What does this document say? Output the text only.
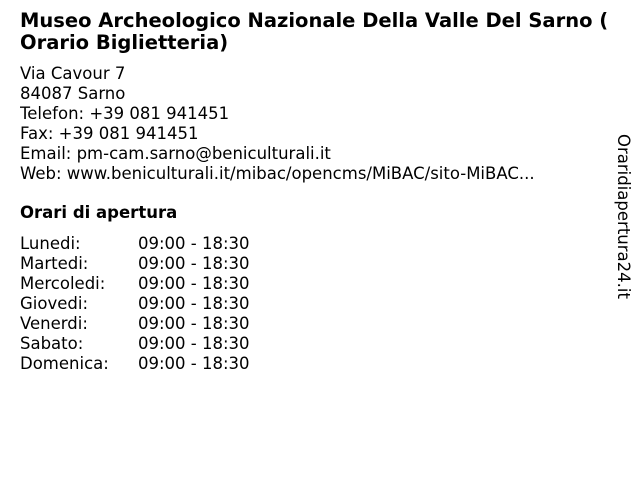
Museo Archeologico Nazionale Della Valle Del Sarno ( Orario Biglietteria)
Via Cavour 7
84087 Sarno
Telefon: +39 081 941451
Fax: +39 081 941451
Email: pm-cam.sarno@beniculturali.it
Web: www.beniculturali.it/mibac/opencms/MiBAC/sito-MiBAC...
Orari di apertura
Lunedi:	09:00 - 18:30
Martedi:	09:00 - 18:30
Mercoledi:	09:00 - 18:30
Giovedi:	09:00 - 18:30
Venerdi:	09:00 - 18:30
Sabato:	09:00 - 18:30
Domenica:	09:00 - 18:30
Oraridiapertura24.it
